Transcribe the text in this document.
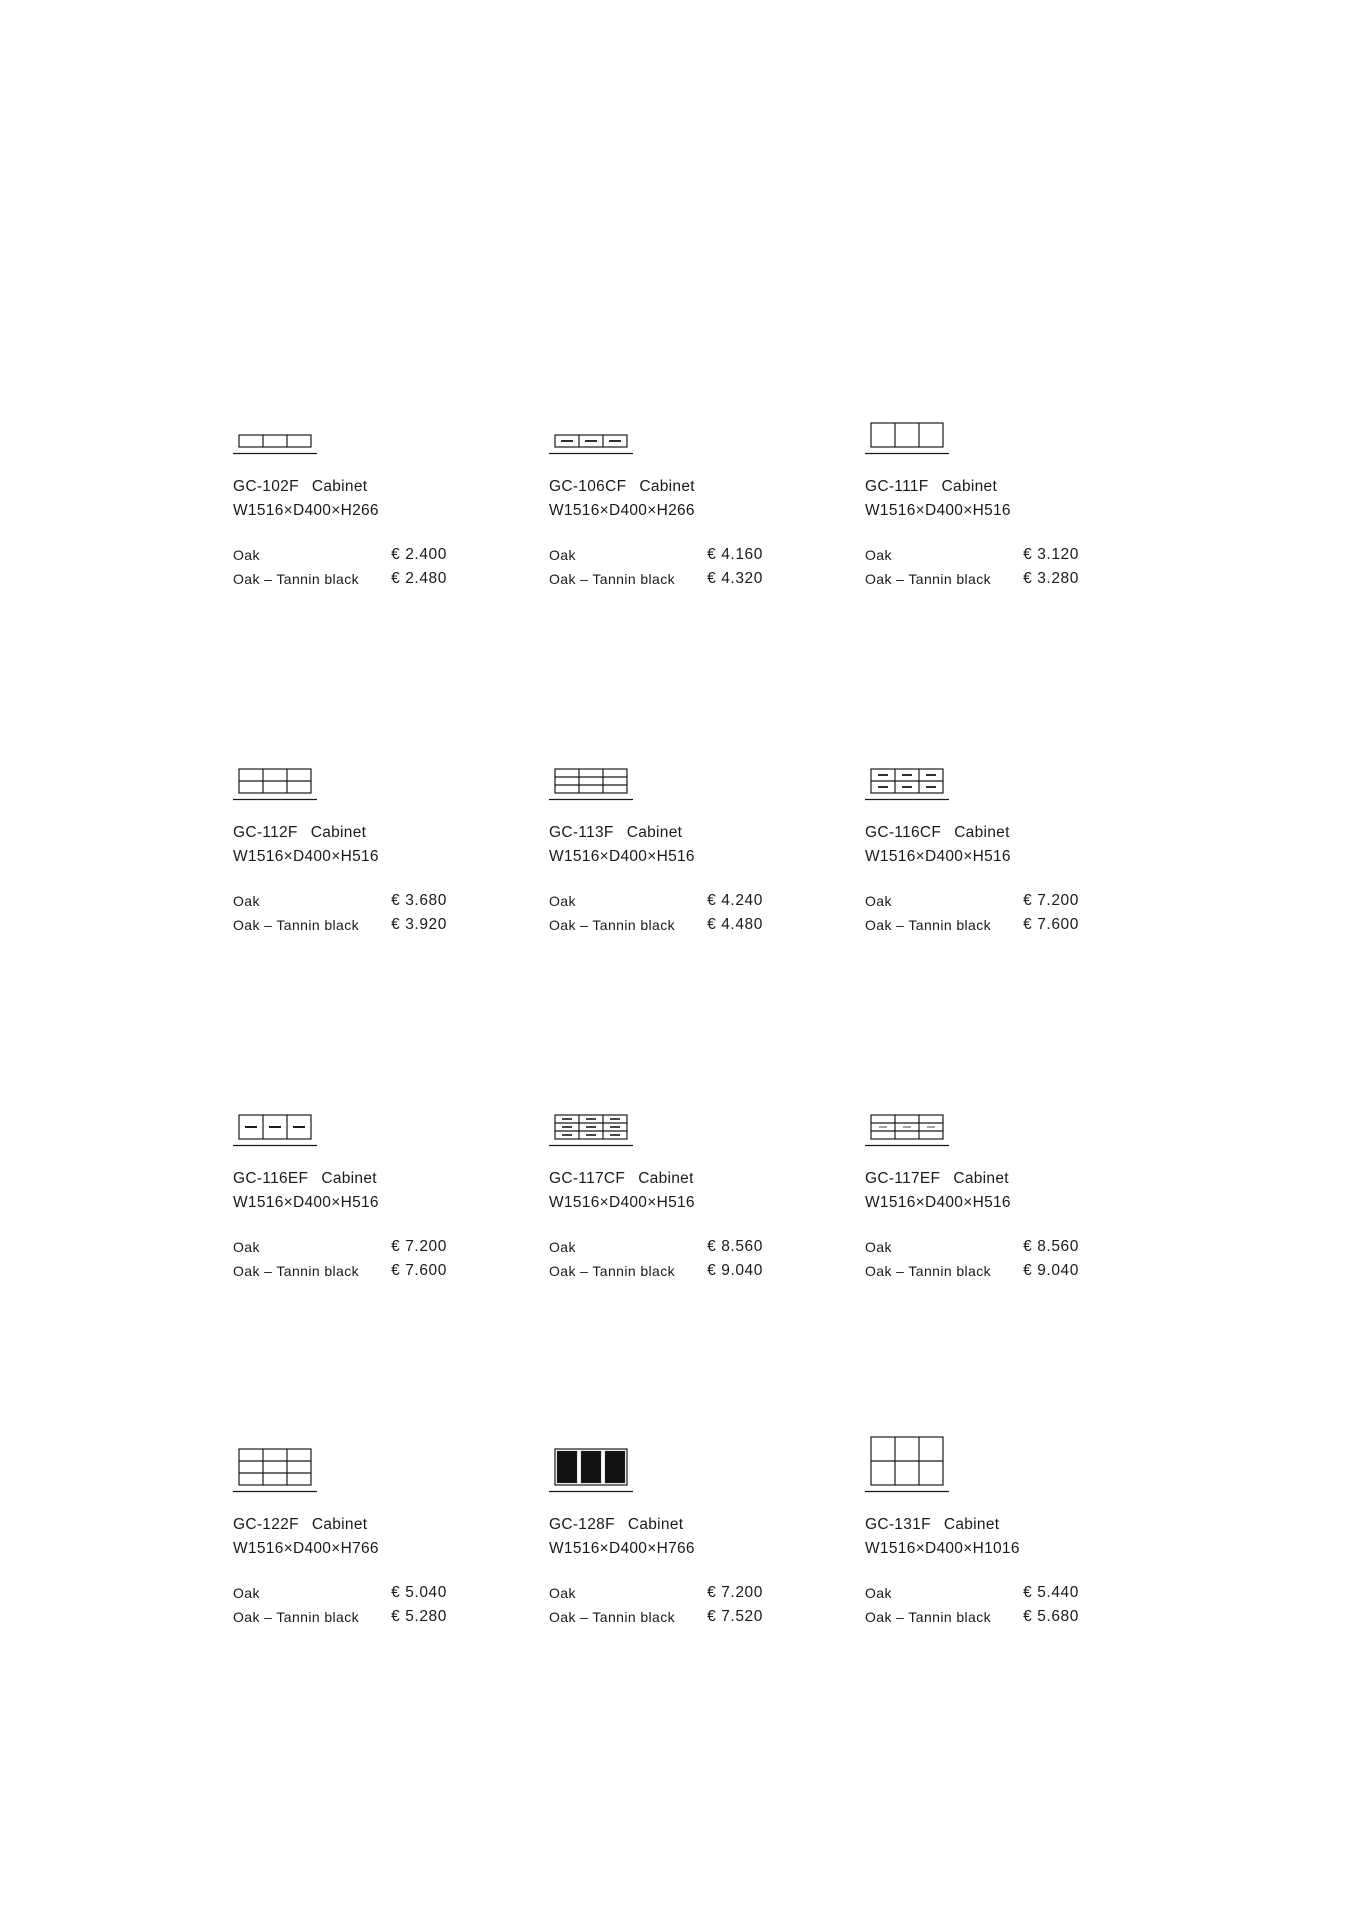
GC-102F Cabinet
W1516×D400×H266
Oak	€ 2.400
Oak – Tannin black € 2.480
GC-106CF Cabinet
W1516×D400×H266
Oak	€ 4.160
Oak – Tannin black € 4.320
GC-111F Cabinet
W1516×D400×H516
Oak	€ 3.120
Oak – Tannin black € 3.280
GC-112F Cabinet
W1516×D400×H516
Oak	€ 3.680
Oak – Tannin black € 3.920
GC-113F Cabinet
W1516×D400×H516
Oak	€ 4.240
Oak – Tannin black € 4.480
GC-116CF Cabinet
W1516×D400×H516
Oak	€ 7.200
Oak – Tannin black € 7.600
GC-116EF Cabinet
W1516×D400×H516
Oak	€ 7.200
Oak – Tannin black € 7.600
GC-117CF Cabinet
W1516×D400×H516
Oak	€ 8.560
Oak – Tannin black € 9.040
GC-117EF Cabinet
W1516×D400×H516
Oak	€ 8.560
Oak – Tannin black € 9.040
GC-122F Cabinet
W1516×D400×H766
Oak	€ 5.040
Oak – Tannin black € 5.280
GC-128F Cabinet
W1516×D400×H766
Oak	€ 7.200
Oak – Tannin black € 7.520
GC-131F Cabinet
W1516×D400×H1016
Oak	€ 5.440
Oak – Tannin black € 5.680
